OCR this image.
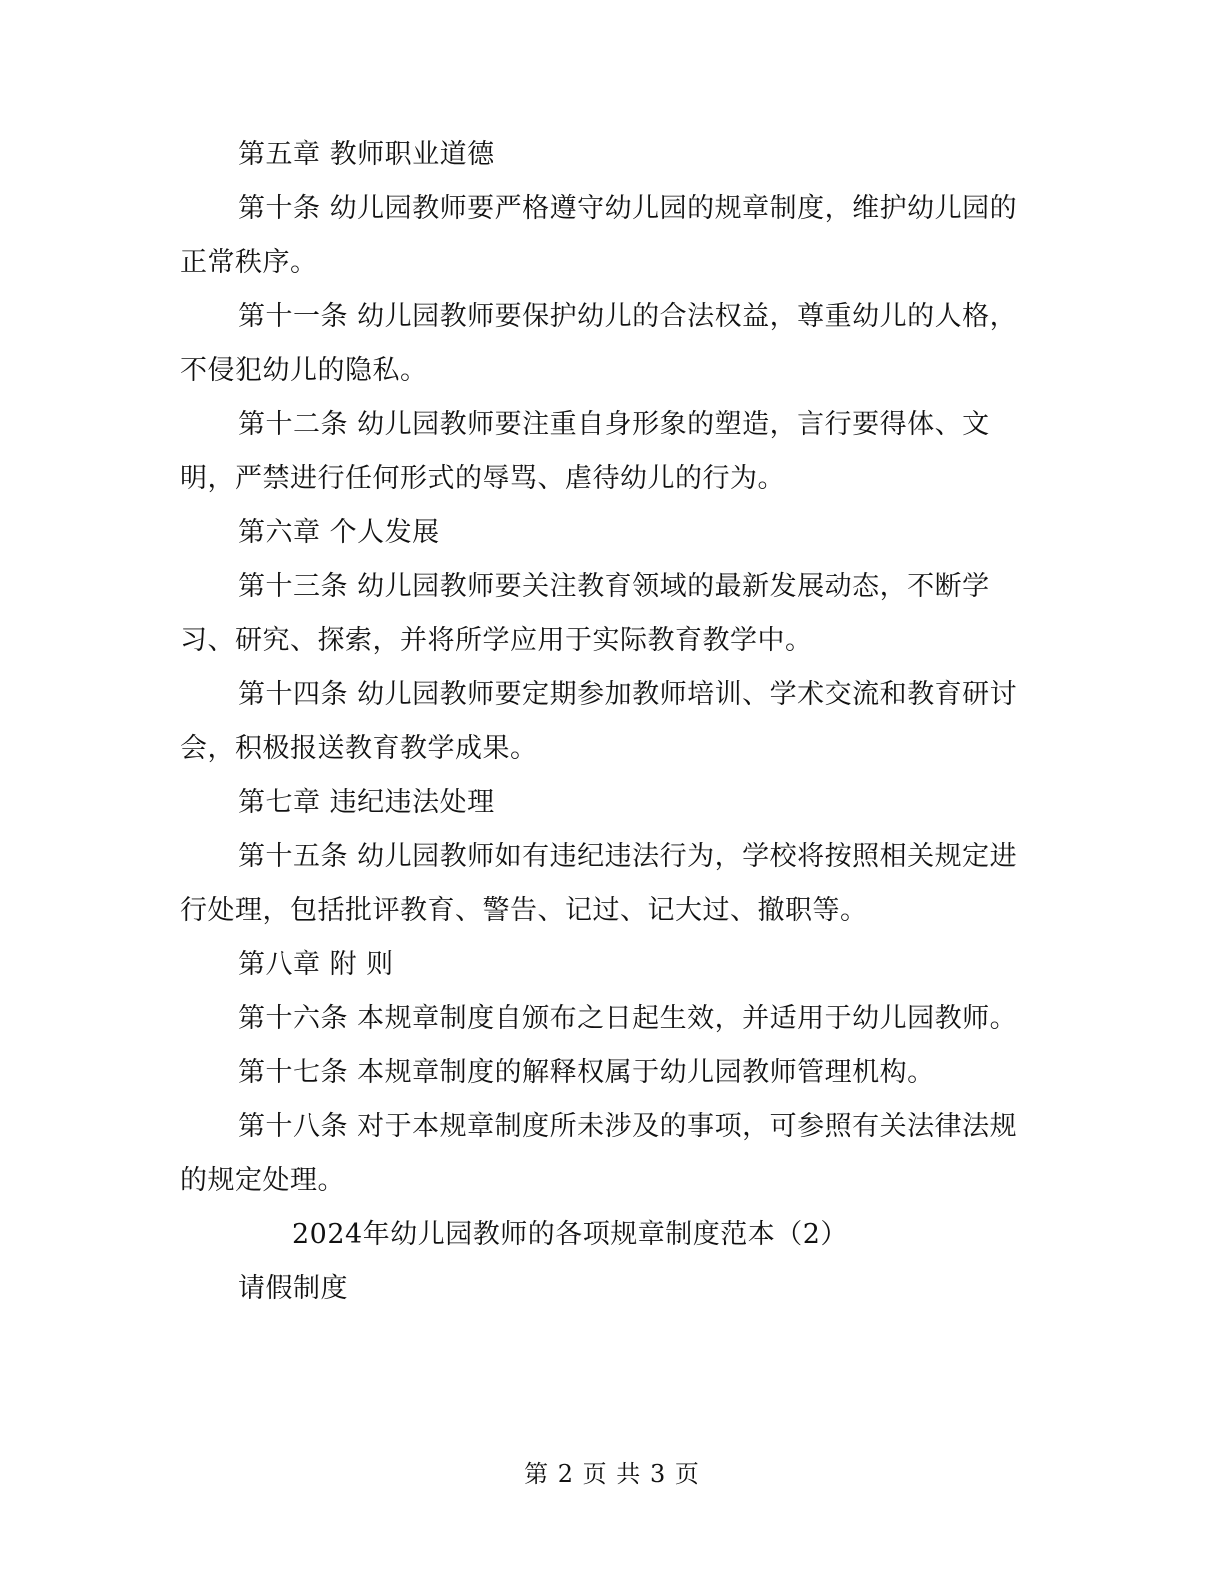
第五章 教师职业道德

第十条 幼儿园教师要严格遵守幼儿园的规章制度，维护幼儿园的正常秩序。

第十一条 幼儿园教师要保护幼儿的合法权益，尊重幼儿的人格，不侵犯幼儿的隐私。

第十二条 幼儿园教师要注重自身形象的塑造，言行要得体、文明，严禁进行任何形式的辱骂、虐待幼儿的行为。

第六章 个人发展

第十三条 幼儿园教师要关注教育领域的最新发展动态，不断学习、研究、探索，并将所学应用于实际教育教学中。

第十四条 幼儿园教师要定期参加教师培训、学术交流和教育研讨会，积极报送教育教学成果。

第七章 违纪违法处理

第十五条 幼儿园教师如有违纪违法行为，学校将按照相关规定进行处理，包括批评教育、警告、记过、记大过、撤职等。

第八章 附 则

第十六条 本规章制度自颁布之日起生效，并适用于幼儿园教师。

第十七条 本规章制度的解释权属于幼儿园教师管理机构。

第十八条 对于本规章制度所未涉及的事项，可参照有关法律法规的规定处理。

2024年幼儿园教师的各项规章制度范本（2）

请假制度

第 2 页 共 3 页
